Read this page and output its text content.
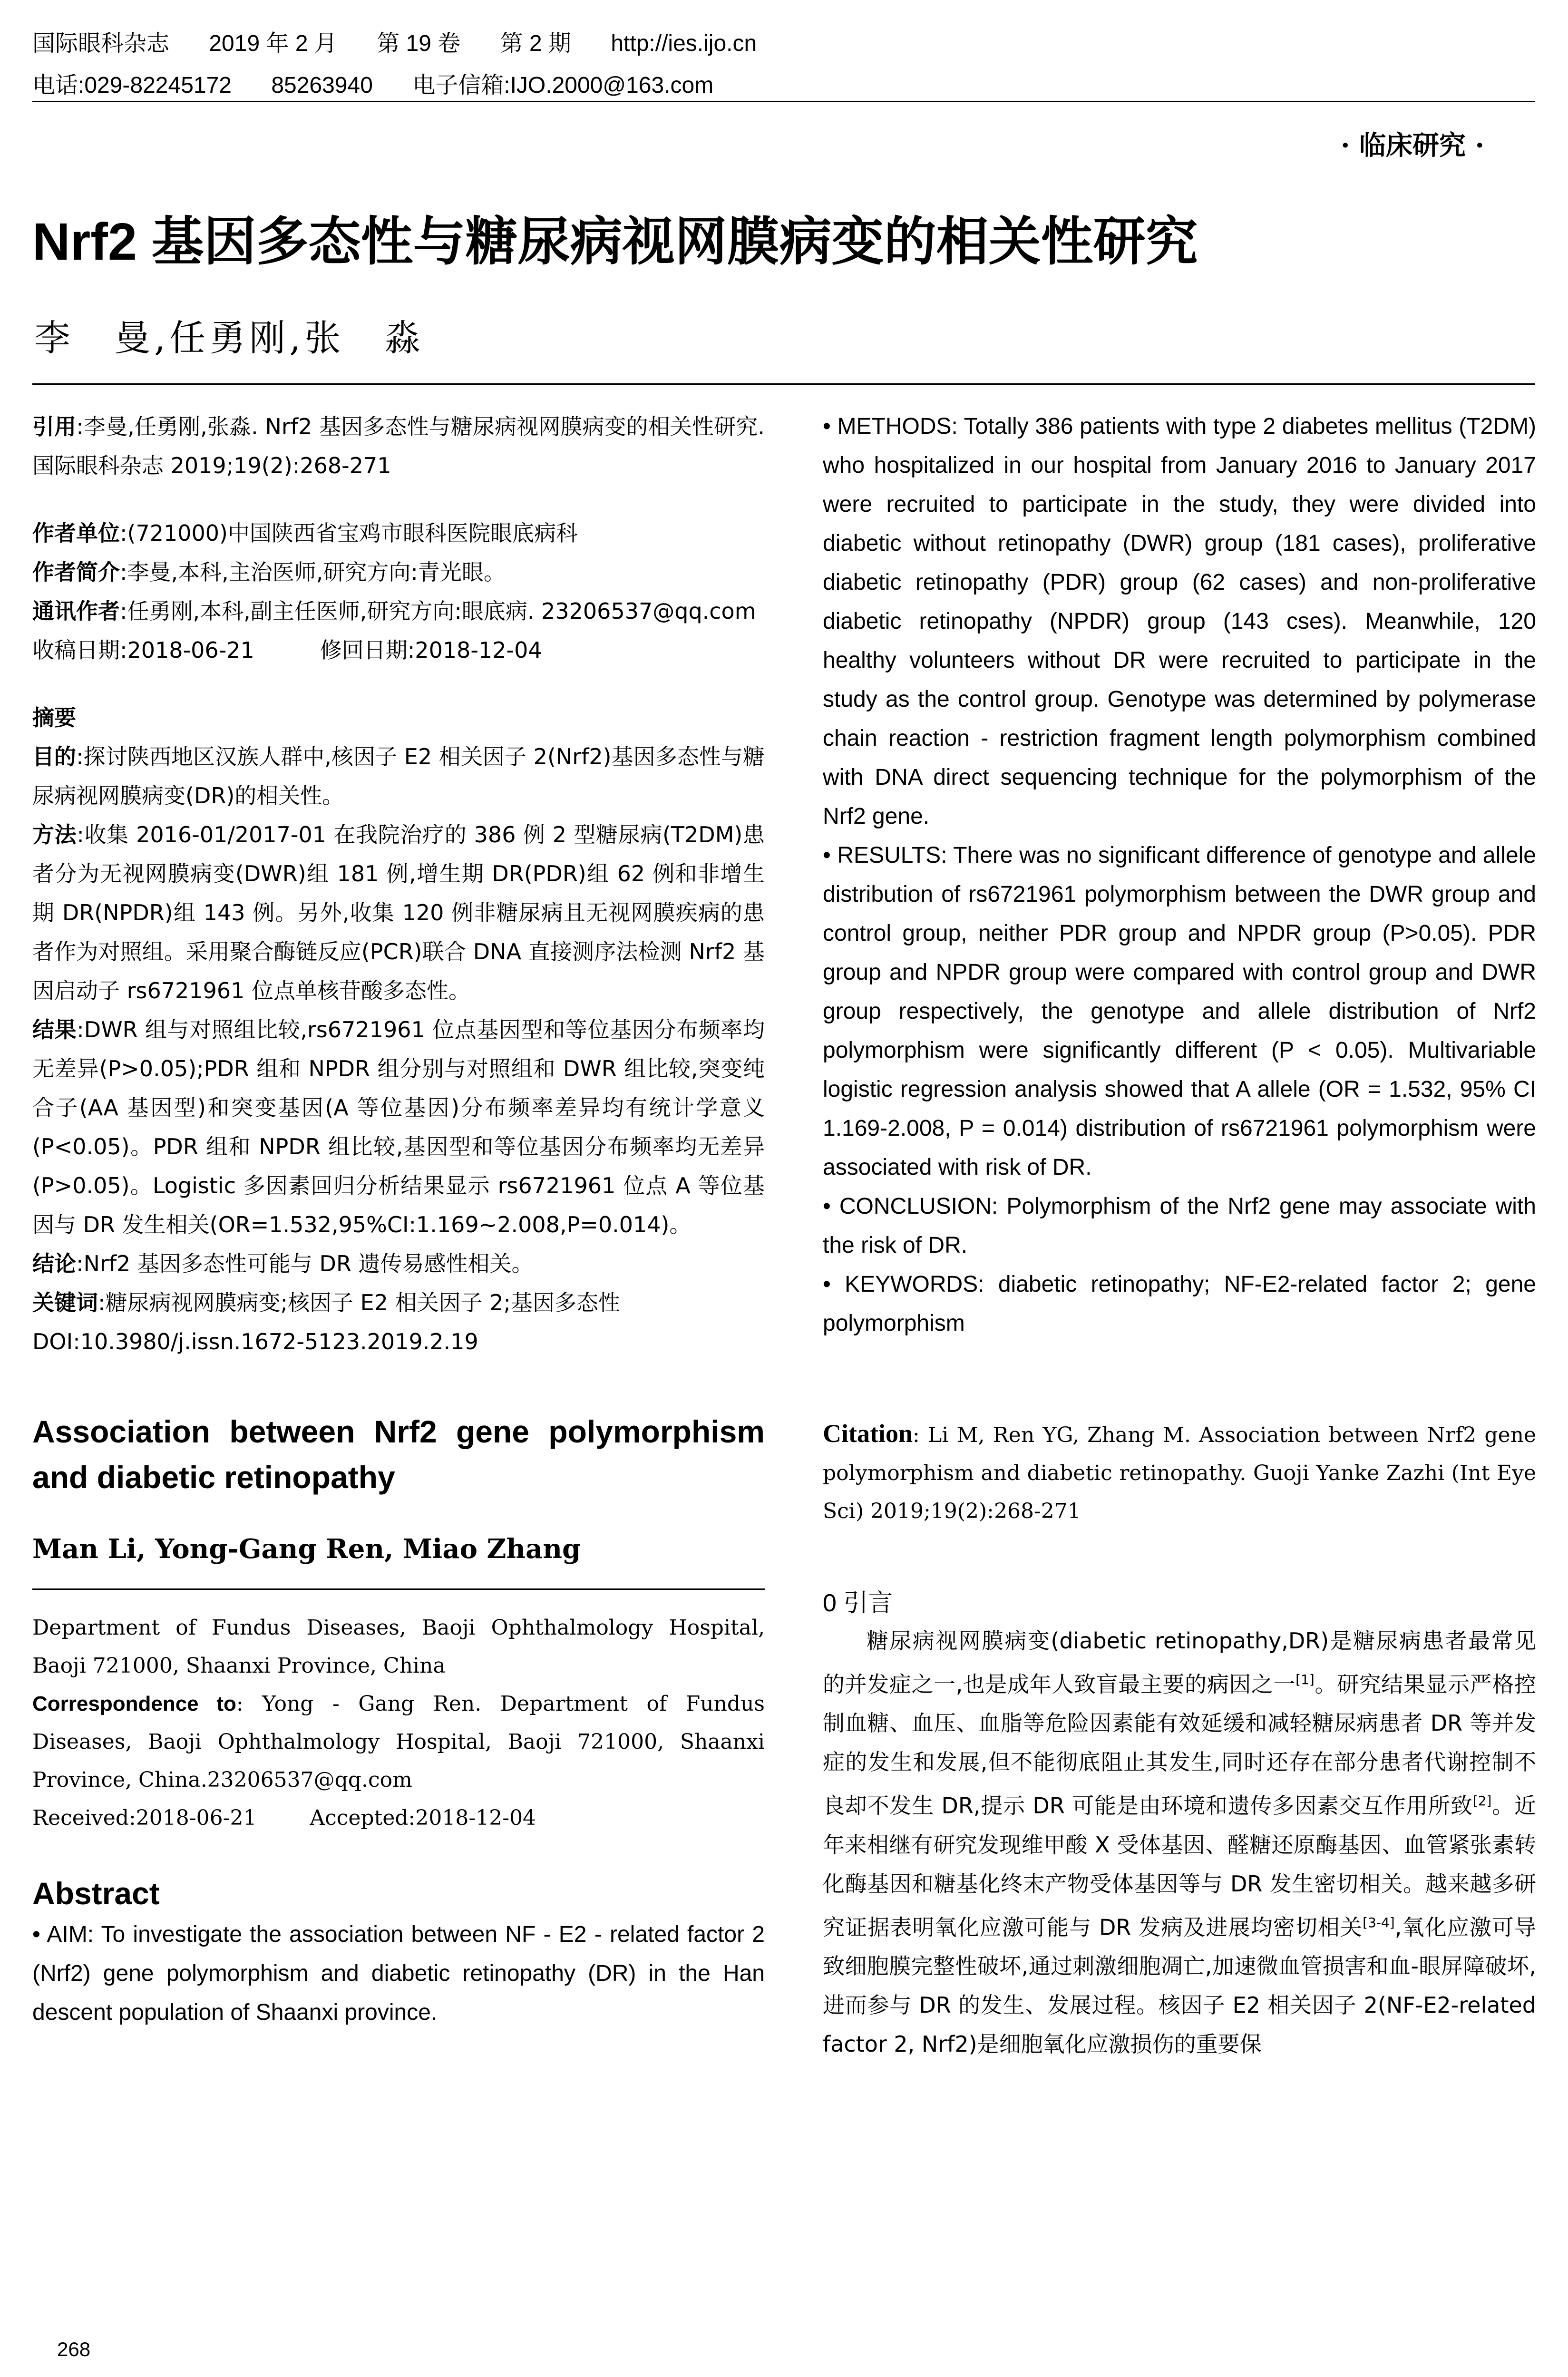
国际眼科杂志 2019 年 2 月 第 19 卷 第 2 期 http://ies.ijo.cn
电话:029-82245172 85263940 电子信箱:IJO.2000@163.com
· 临床研究 ·
Nrf2 基因多态性与糖尿病视网膜病变的相关性研究
李　曼,任勇刚,张　淼

引用:李曼,任勇刚,张淼. Nrf2 基因多态性与糖尿病视网膜病变的相关性研究.国际眼科杂志 2019;19(2):268-271

作者单位:(721000)中国陕西省宝鸡市眼科医院眼底病科

作者简介:李曼,本科,主治医师,研究方向:青光眼。

通讯作者:任勇刚,本科,副主任医师,研究方向:眼底病. 23206537@qq.com

收稿日期:2018-06-21　　　	修回日期:2018-12-04

摘要

目的:探讨陕西地区汉族人群中,核因子 E2 相关因子 2(Nrf2)基因多态性与糖尿病视网膜病变(DR)的相关性。

方法:收集 2016-01/2017-01 在我院治疗的 386 例 2 型糖尿病(T2DM)患者分为无视网膜病变(DWR)组 181 例,增生期 DR(PDR)组 62 例和非增生期 DR(NPDR)组 143 例。另外,收集 120 例非糖尿病且无视网膜疾病的患者作为对照组。采用聚合酶链反应(PCR)联合 DNA 直接测序法检测 Nrf2 基因启动子 rs6721961 位点单核苷酸多态性。

结果:DWR 组与对照组比较,rs6721961 位点基因型和等位基因分布频率均无差异(P>0.05);PDR 组和 NPDR 组分别与对照组和 DWR 组比较,突变纯合子(AA 基因型)和突变基因(A 等位基因)分布频率差异均有统计学意义(P<0.05)。PDR 组和 NPDR 组比较,基因型和等位基因分布频率均无差异(P>0.05)。Logistic 多因素回归分析结果显示 rs6721961 位点 A 等位基因与 DR 发生相关(OR=1.532,95%CI:1.169~2.008,P=0.014)。

结论:Nrf2 基因多态性可能与 DR 遗传易感性相关。

关键词:糖尿病视网膜病变;核因子 E2 相关因子 2;基因多态性

DOI:10.3980/j.issn.1672-5123.2019.2.19

Association between Nrf2 gene polymorphism and diabetic retinopathy

Man Li, Yong-Gang Ren, Miao Zhang

Department of Fundus Diseases, Baoji Ophthalmology Hospital, Baoji 721000, Shaanxi Province, China

Correspondence to: Yong - Gang Ren. Department of Fundus Diseases, Baoji Ophthalmology Hospital, Baoji 721000, Shaanxi Province, China.23206537@qq.com

Received:2018-06-21	Accepted:2018-12-04

Abstract

• AIM: To investigate the association between NF - E2 - related factor 2 (Nrf2) gene polymorphism and diabetic retinopathy (DR) in the Han descent population of Shaanxi province.

• METHODS: Totally 386 patients with type 2 diabetes mellitus (T2DM) who hospitalized in our hospital from January 2016 to January 2017 were recruited to participate in the study, they were divided into diabetic without retinopathy (DWR) group (181 cases), proliferative diabetic retinopathy (PDR) group (62 cases) and non-proliferative diabetic retinopathy (NPDR) group (143 cses). Meanwhile, 120 healthy volunteers without DR were recruited to participate in the study as the control group. Genotype was determined by polymerase chain reaction - restriction fragment length polymorphism combined with DNA direct sequencing technique for the polymorphism of the Nrf2 gene.

• RESULTS: There was no significant difference of genotype and allele distribution of rs6721961 polymorphism between the DWR group and control group, neither PDR group and NPDR group (P>0.05). PDR group and NPDR group were compared with control group and DWR group respectively, the genotype and allele distribution of Nrf2 polymorphism were significantly different (P < 0.05). Multivariable logistic regression analysis showed that A allele (OR = 1.532, 95% CI 1.169-2.008, P = 0.014) distribution of rs6721961 polymorphism were associated with risk of DR.

• CONCLUSION: Polymorphism of the Nrf2 gene may associate with the risk of DR.

• KEYWORDS: diabetic retinopathy; NF-E2-related factor 2; gene polymorphism

Citation: Li M, Ren YG, Zhang M. Association between Nrf2 gene polymorphism and diabetic retinopathy. Guoji Yanke Zazhi (Int Eye Sci) 2019;19(2):268-271

0 引言

糖尿病视网膜病变(diabetic retinopathy,DR)是糖尿病患者最常见的并发症之一,也是成年人致盲最主要的病因之一[1]。研究结果显示严格控制血糖、血压、血脂等危险因素能有效延缓和减轻糖尿病患者 DR 等并发症的发生和发展,但不能彻底阻止其发生,同时还存在部分患者代谢控制不良却不发生 DR,提示 DR 可能是由环境和遗传多因素交互作用所致[2]。近年来相继有研究发现维甲酸 X 受体基因、醛糖还原酶基因、血管紧张素转化酶基因和糖基化终末产物受体基因等与 DR 发生密切相关。越来越多研究证据表明氧化应激可能与 DR 发病及进展均密切相关[3-4],氧化应激可导致细胞膜完整性破坏,通过刺激细胞凋亡,加速微血管损害和血-眼屏障破坏,进而参与 DR 的发生、发展过程。核因子 E2 相关因子 2(NF-E2-related factor 2, Nrf2)是细胞氧化应激损伤的重要保

268
